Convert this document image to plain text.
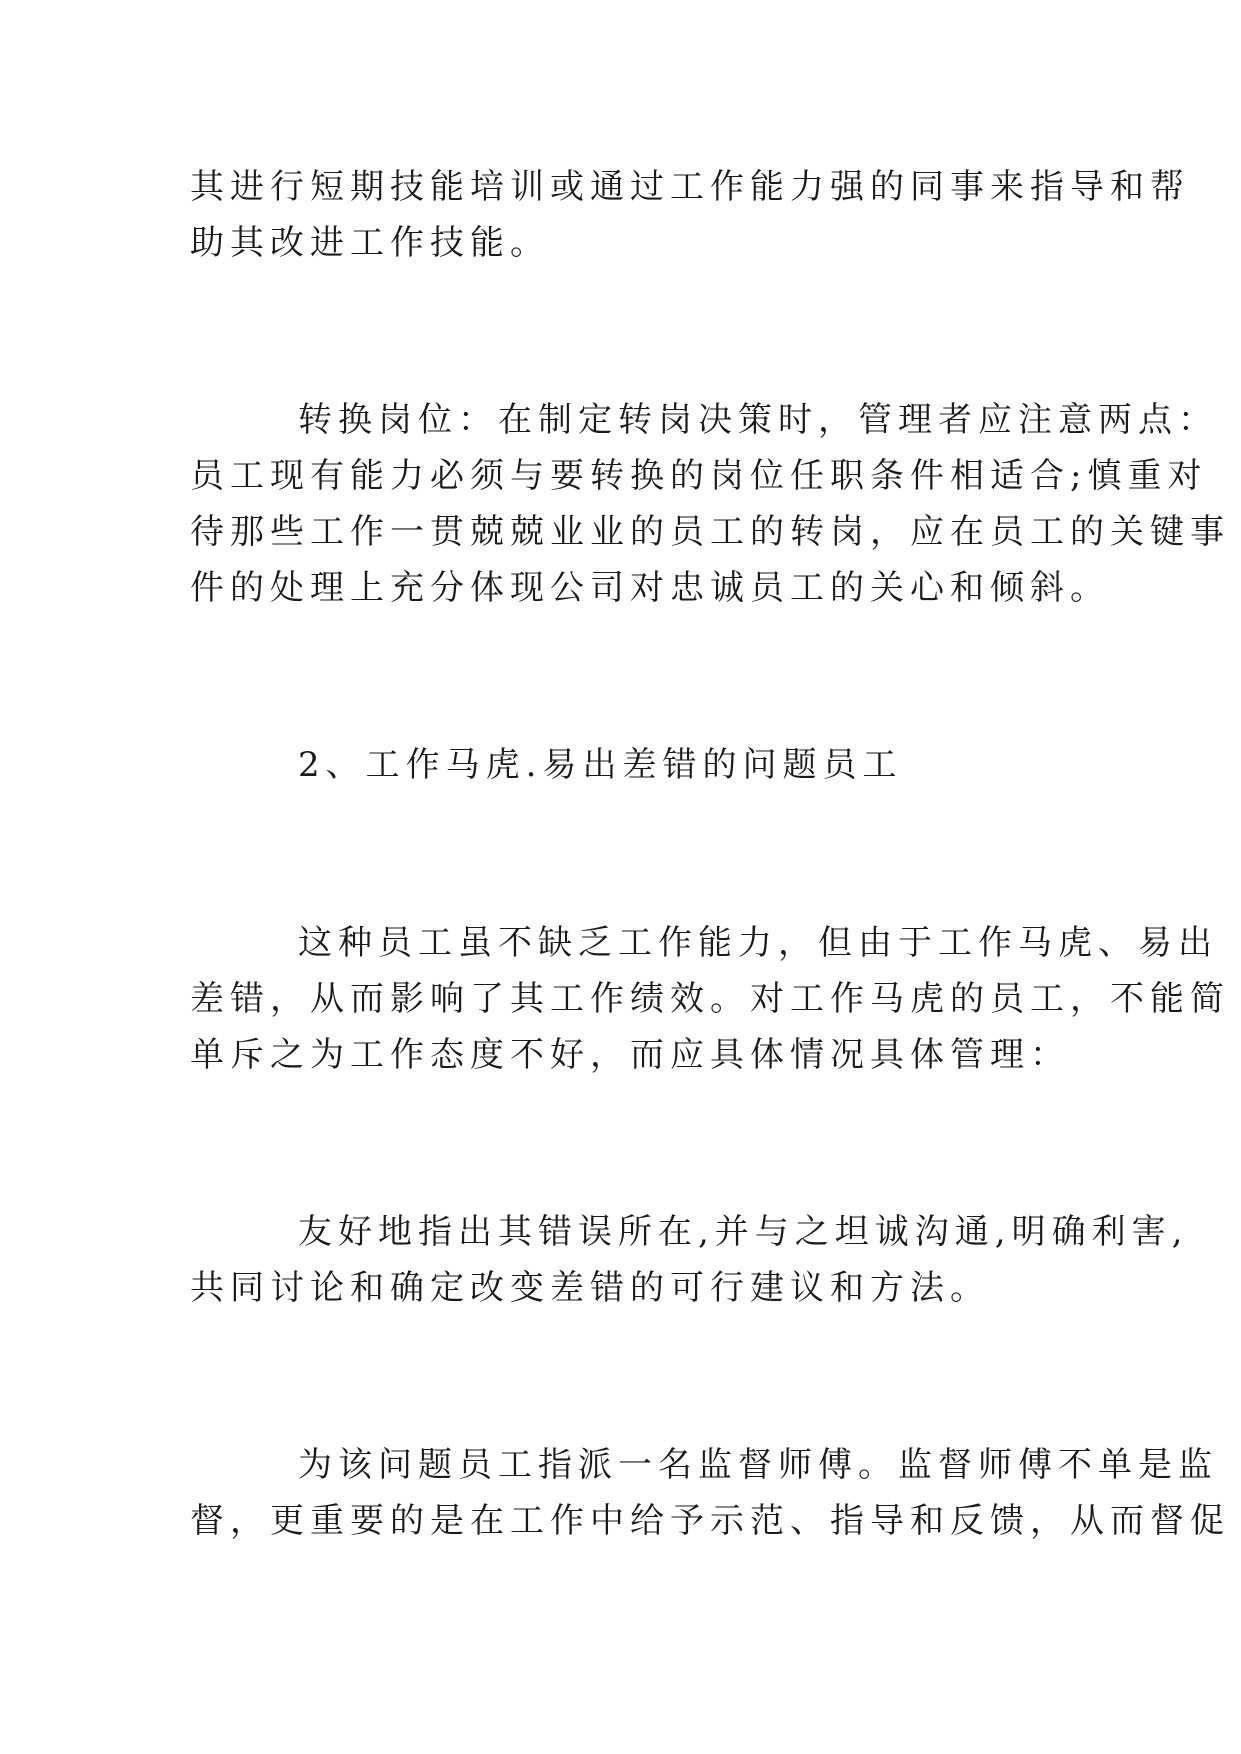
其进行短期技能培训或通过工作能力强的同事来指导和帮
助其改进工作技能。
转换岗位：在制定转岗决策时，管理者应注意两点：
员工现有能力必须与要转换的岗位任职条件相适合;慎重对
待那些工作一贯兢兢业业的员工的转岗，应在员工的关键事
件的处理上充分体现公司对忠诚员工的关心和倾斜。
2、工作马虎.易出差错的问题员工
这种员工虽不缺乏工作能力，但由于工作马虎、易出
差错，从而影响了其工作绩效。对工作马虎的员工，不能简
单斥之为工作态度不好，而应具体情况具体管理：
友好地指出其错误所在,并与之坦诚沟通,明确利害,
共同讨论和确定改变差错的可行建议和方法。
为该问题员工指派一名监督师傅。监督师傅不单是监
督，更重要的是在工作中给予示范、指导和反馈，从而督促
